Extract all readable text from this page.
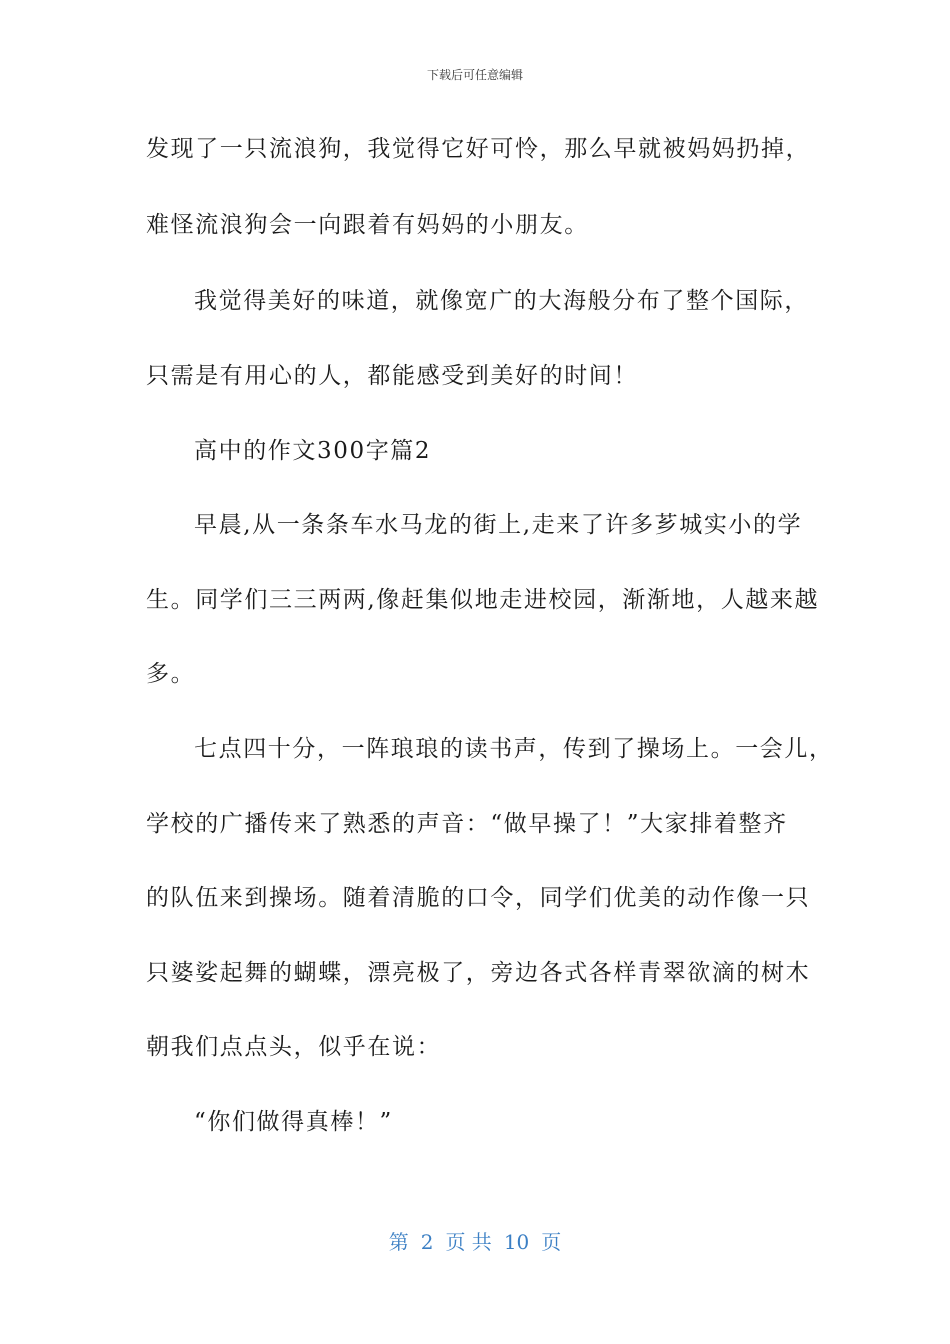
下载后可任意编辑
发现了一只流浪狗，我觉得它好可怜，那么早就被妈妈扔掉，
难怪流浪狗会一向跟着有妈妈的小朋友。
我觉得美好的味道，就像宽广的大海般分布了整个国际，
只需是有用心的人，都能感受到美好的时间！
高中的作文300字篇2
早晨,从一条条车水马龙的街上,走来了许多芗城实小的学
生。同学们三三两两,像赶集似地走进校园，渐渐地，人越来越
多。
七点四十分，一阵琅琅的读书声，传到了操场上。一会儿，
学校的广播传来了熟悉的声音：“做早操了！”大家排着整齐
的队伍来到操场。随着清脆的口令，同学们优美的动作像一只
只婆娑起舞的蝴蝶，漂亮极了，旁边各式各样青翠欲滴的树木
朝我们点点头，似乎在说：
“你们做得真棒！”
第 2 页 共 10 页
